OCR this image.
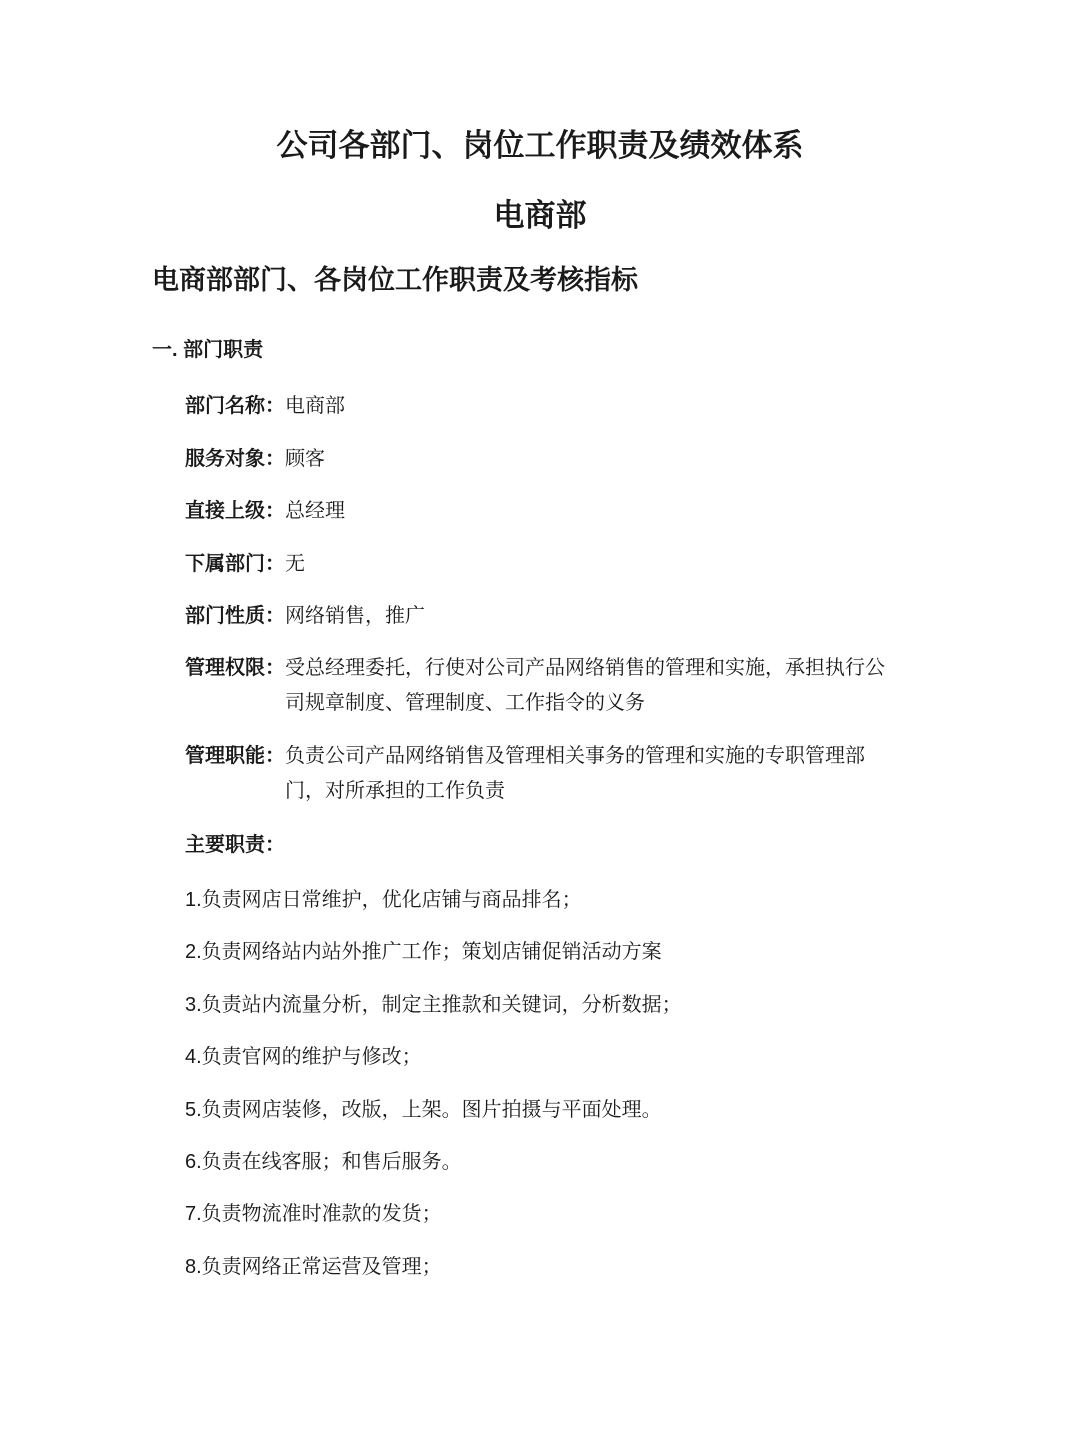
公司各部门、岗位工作职责及绩效体系
电商部
电商部部门、各岗位工作职责及考核指标
一. 部门职责
部门名称： 电商部
服务对象： 顾客
直接上级： 总经理
下属部门： 无
部门性质： 网络销售，推广
管理权限： 受总经理委托，行使对公司产品网络销售的管理和实施，承担执行公司规章制度、管理制度、工作指令的义务
管理职能： 负责公司产品网络销售及管理相关事务的管理和实施的专职管理部门，对所承担的工作负责
主要职责：
1.负责网店日常维护，优化店铺与商品排名；
2.负责网络站内站外推广工作；策划店铺促销活动方案
3.负责站内流量分析，制定主推款和关键词，分析数据；
4.负责官网的维护与修改；
5.负责网店装修，改版，上架。图片拍摄与平面处理。
6.负责在线客服；和售后服务。
7.负责物流准时准款的发货；
8.负责网络正常运营及管理；
